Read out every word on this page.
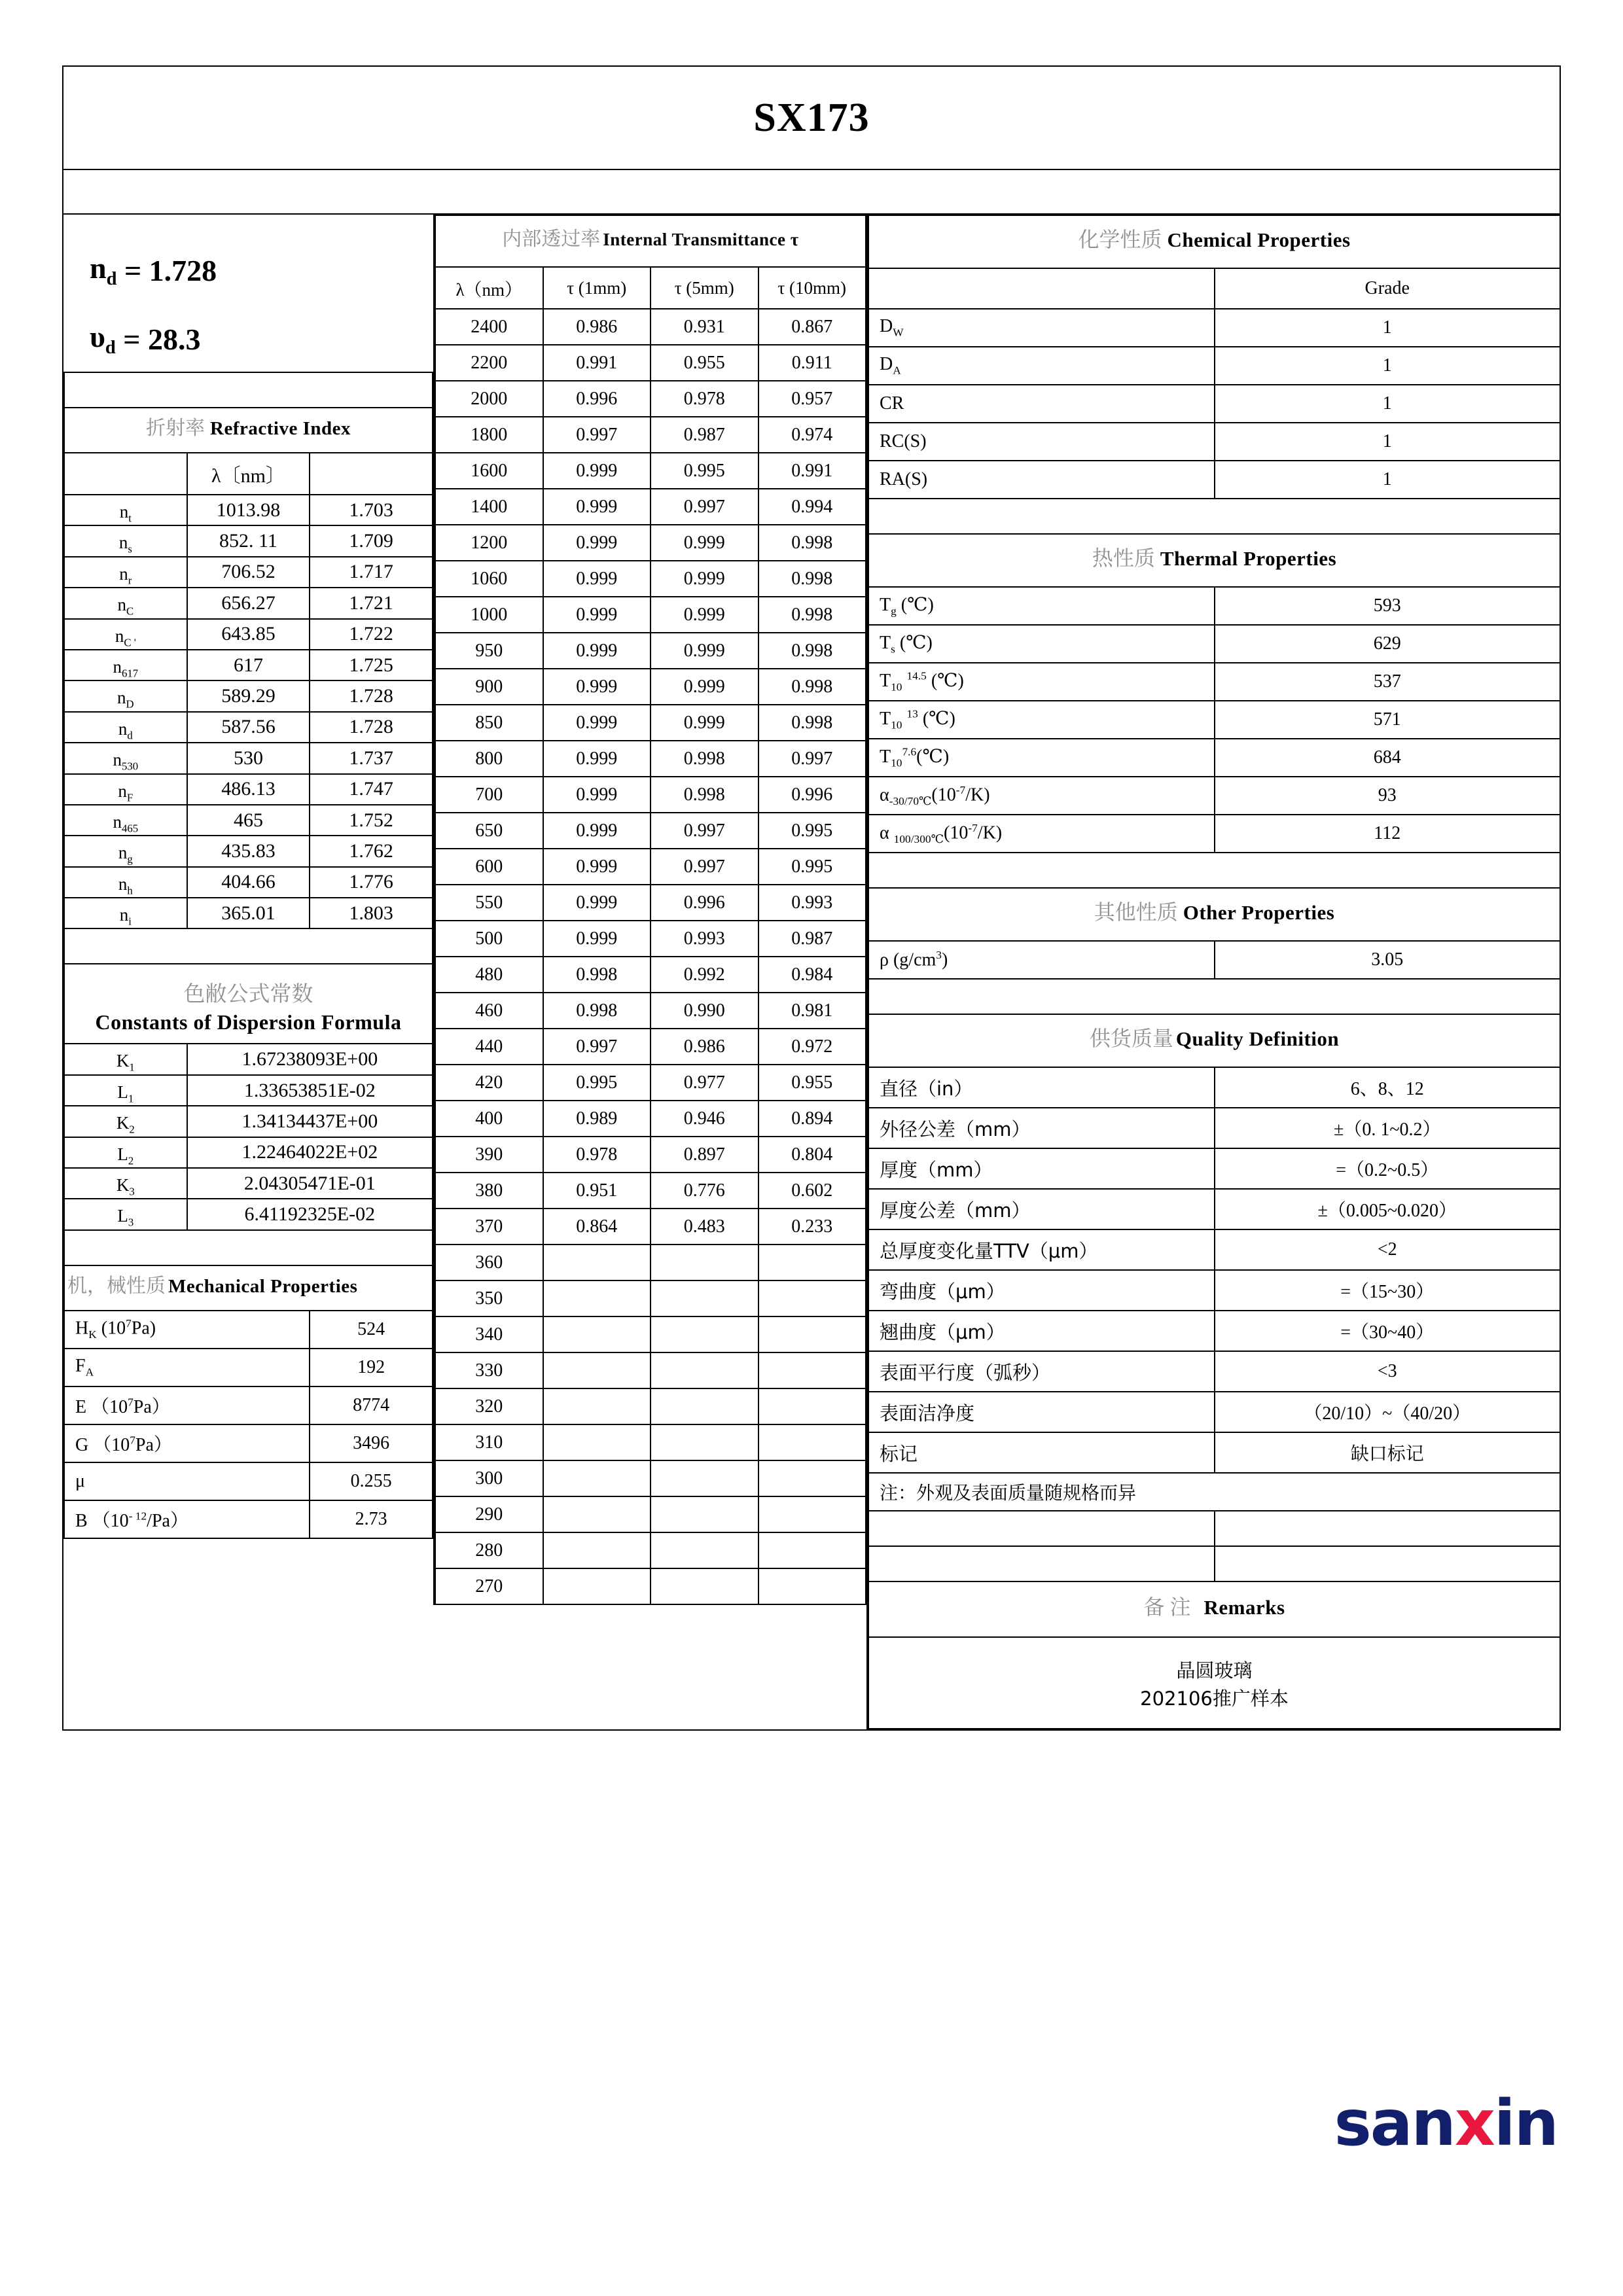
SX173
$n_d$
= 1.728
$\upsilon_d$
= 28.3

折射率 Refractive Index		
	λ〔nm〕	
$n_t$	1013.98	1.703
$n_s$	852. 11	1.709
$n_r$	706.52	1.717
$n_C$	656.27	1.721
$n_{C '}$	643.85	1.722
$n_{617}$	617	1.725
$n_D$	589.29	1.728
$n_d$	587.56	1.728
$n_{530}$	530	1.737
$n_F$	486.13	1.747
$n_{465}$	465	1.752
$n_g$	435.83	1.762
$n_h$	404.66	1.776
$n_i$	365.01	1.803

色敝公式常数
Constants of Dispersion Formula		

$K_1$	1.67238093E+00	
$L_1$	1.33653851E-02	
$K_2$	1.34134437E+00	
$L_2$	1.22464022E+02	
$K_3$	2.04305471E-01	
$L_3$	6.41192325E-02	

机，械性质 Mechanical Properties		
$H_K$ $(10^7Pa)$		524
$F_A$		192
E $(10^7Pa)$		8774
G $(10^7Pa)$		3496
μ		0.255
B $(10^{- 12}/Pa)$		2.73
内部透过率 Internal Transmittance τ			
λ（nm）	τ (1mm)	τ (5mm)	τ (10mm)
2400	0.986	0.931	0.867
2200	0.991	0.955	0.911
2000	0.996	0.978	0.957
1800	0.997	0.987	0.974
1600	0.999	0.995	0.991
1400	0.999	0.997	0.994
1200	0.999	0.999	0.998
1060	0.999	0.999	0.998
1000	0.999	0.999	0.998
950	0.999	0.999	0.998
900	0.999	0.999	0.998
850	0.999	0.999	0.998
800	0.999	0.998	0.997
700	0.999	0.998	0.996
650	0.999	0.997	0.995
600	0.999	0.997	0.995
550	0.999	0.996	0.993
500	0.999	0.993	0.987
480	0.998	0.992	0.984
460	0.998	0.990	0.981
440	0.997	0.986	0.972
420	0.995	0.977	0.955
400	0.989	0.946	0.894
390	0.978	0.897	0.804
380	0.951	0.776	0.602
370	0.864	0.483	0.233
360			
350			
340			
330			
320			
310			
300			
290			
280			
270			
化学性质 Chemical Properties	
	Grade
$D_W$	1
$D_A$	1
CR	1
RC(S)	1
RA(S)	1

热性质 Thermal Properties	
$T_g$ (℃)	593
$T_s$ (℃)	629
$T_{10}$ $^{14.5}$ (℃)	537
$T_{10}$ $^{13}$ (℃)	571
$T_{10}^{7.6}(℃)$	684
$\alpha_{-30/70℃}(10^{-7}/K)$	93
α $_{100/300℃}(10^{-7}/K)$	112

其他性质 Other Properties	
ρ $(g/cm^3)$	3.05

供货质量 Quality Definition	
直径（in）	6、8、12
外径公差（mm）	±（0. 1~0.2）
厚度（mm）	=（0.2~0.5）
厚度公差（mm）	±（0.005~0.020）
总厚度变化量TTV（μm）	<2
弯曲度（μm）	=（15~30）
翘曲度（μm）	=（30~40）
表面平行度（弧秒）	<3
表面洁净度	（20/10）~（40/20）
标记	缺口标记
注：外观及表面质量随规格而异	

备注 Remarks	

晶圆玻璃
202106推广样本	
sanxin
